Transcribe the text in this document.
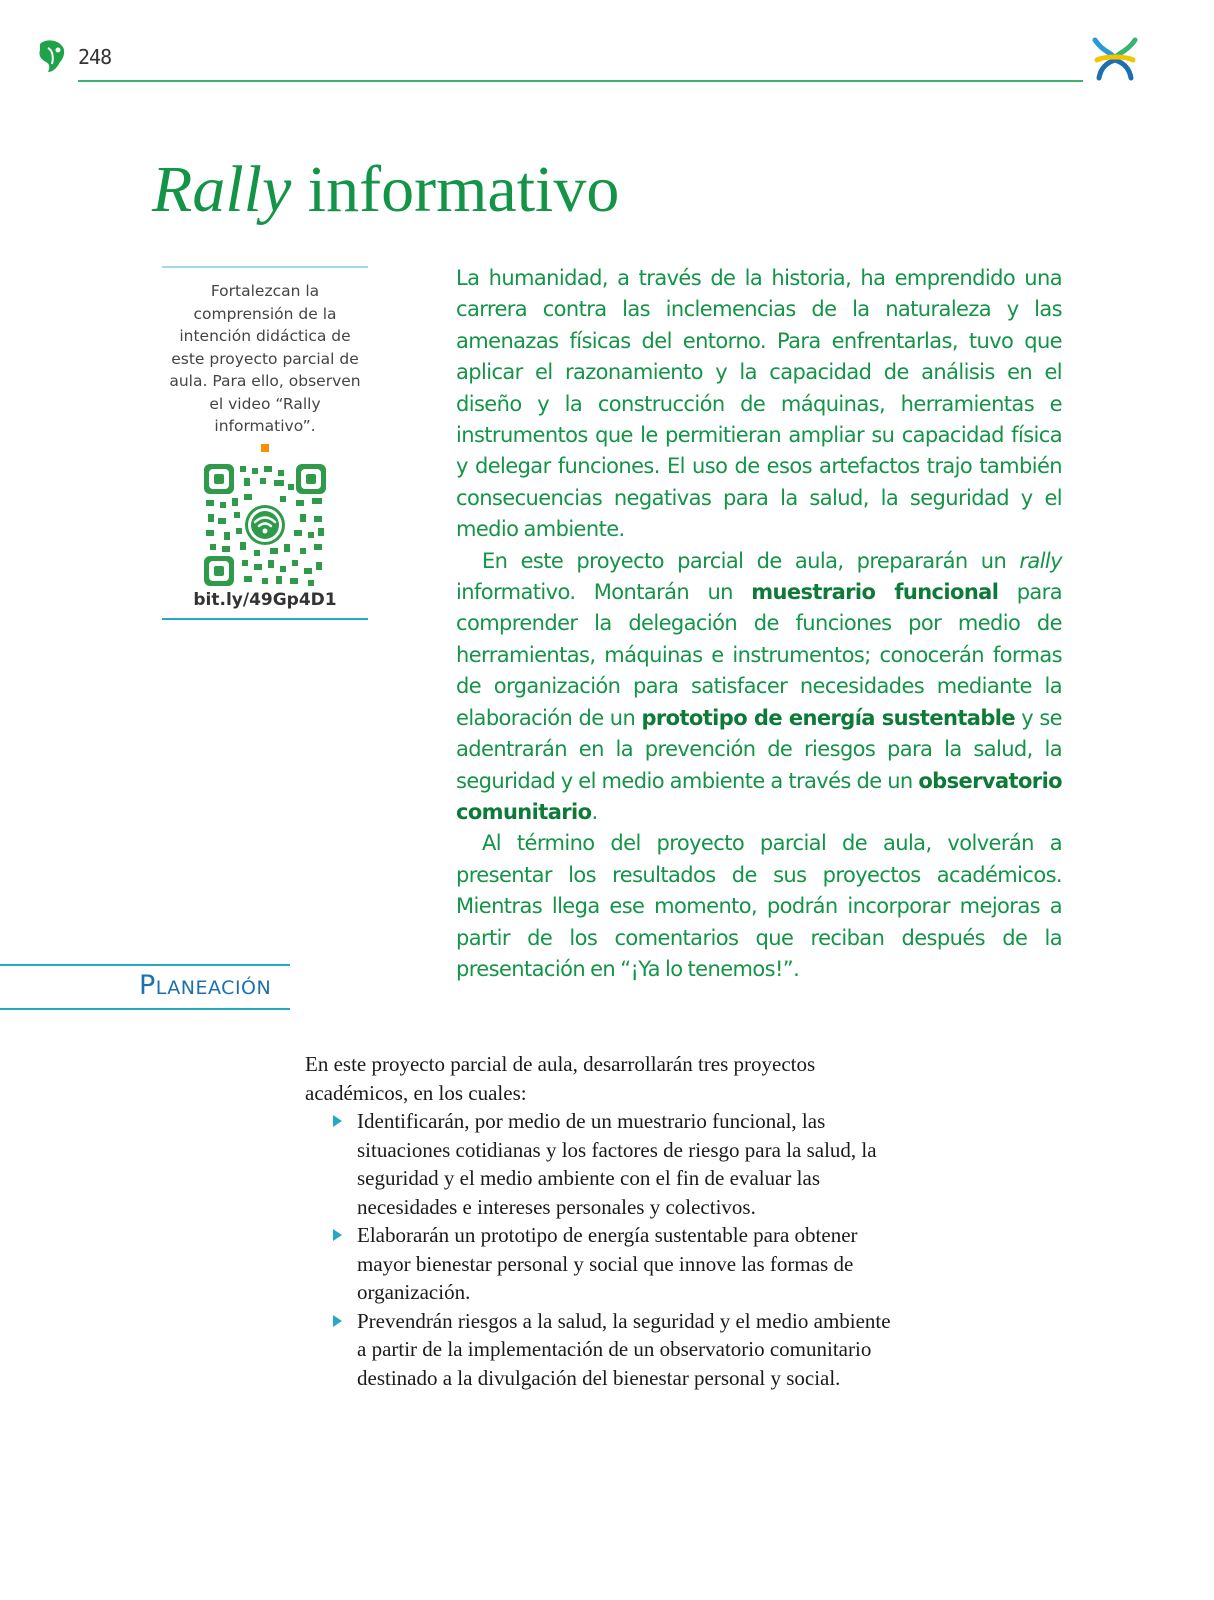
248
Rally informativo

Fortalezcan la comprensión de la intención didáctica de este proyecto parcial de aula. Para ello, observen el video “Rally informativo”.

bit.ly/49Gp4D1

La humanidad, a través de la historia, ha emprendido una carrera contra las inclemencias de la naturaleza y las amenazas físicas del entorno. Para enfrentarlas, tuvo que aplicar el razonamiento y la capacidad de análisis en el diseño y la construcción de máquinas, herramientas e instrumentos que le permitieran ampliar su capacidad física y delegar funciones. El uso de esos artefactos trajo también consecuencias negativas para la salud, la seguridad y el medio ambiente.

En este proyecto parcial de aula, prepararán un rally informativo. Montarán un muestrario funcional para comprender la delegación de funciones por medio de herramientas, máquinas e instrumentos; conocerán formas de organización para satisfacer necesidades mediante la elaboración de un prototipo de energía sustentable y se adentrarán en la prevención de riesgos para la salud, la seguridad y el medio ambiente a través de un observatorio comunitario.

Al término del proyecto parcial de aula, volverán a presentar los resultados de sus proyectos académicos. Mientras llega ese momento, podrán incorporar mejoras a partir de los comentarios que reciban después de la presentación en “¡Ya lo tenemos!”.

Planeación

En este proyecto parcial de aula, desarrollarán tres proyectos académicos, en los cuales:

Identificarán, por medio de un muestrario funcional, las situaciones cotidianas y los factores de riesgo para la salud, la seguridad y el medio ambiente con el fin de evaluar las necesidades e intereses personales y colectivos.
Elaborarán un prototipo de energía sustentable para obtener mayor bienestar personal y social que innove las formas de organización.
Prevendrán riesgos a la salud, la seguridad y el medio ambiente a partir de la implementación de un observatorio comunitario destinado a la divulgación del bienestar personal y social.
